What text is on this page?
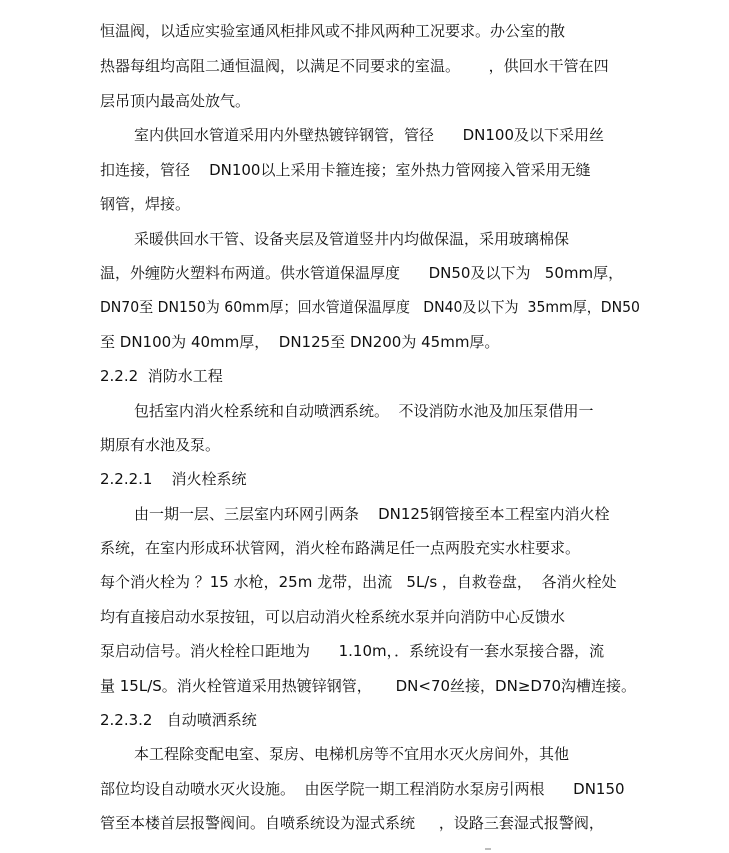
恒温阀，以适应实验室通风柜排风或不排风两种工况要求。办公室的散
热器每组均高阻二通恒温阀，以满足不同要求的室温。      ，供回水干管在四
层吊顶内最高处放气。
室内供回水管道采用内外壁热镀锌钢管，管径      DN100及以下采用丝
扣连接，管径    DN100以上采用卡箍连接；室外热力管网接入管采用无缝
钢管，焊接。
采暖供回水干管、设备夹层及管道竖井内均做保温，采用玻璃棉保
温，外缠防火塑料布两道。供水管道保温厚度      DN50及以下为   50mm厚，
DN70至 DN150为 60mm厚；回水管道保温厚度   DN40及以下为  35mm厚，DN50
至 DN100为 40mm厚，  DN125至 DN200为 45mm厚。
2.2.2  消防水工程
包括室内消火栓系统和自动喷洒系统。  不设消防水池及加压泵借用一
期原有水池及泵。
2.2.2.1    消火栓系统
由一期一层、三层室内环网引两条    DN125钢管接至本工程室内消火栓
系统，在室内形成环状管网，消火栓布路满足任一点两股充实水柱要求。
每个消火栓为 ？15 水枪，25m 龙带，出流   5L/s ，自救卷盘，  各消火栓处
均有直接启动水泵按钮，可以启动消火栓系统水泵并向消防中心反馈水
泵启动信号。消火栓栓口距地为      1.10m，．系统设有一套水泵接合器，流
量 15L/S。消火栓管道采用热镀锌钢管，     DN<70丝接，DN≥D70沟槽连接。
2.2.3.2   自动喷洒系统
本工程除变配电室、泵房、电梯机房等不宜用水灭火房间外，其他
部位均设自动喷水灭火设施。  由医学院一期工程消防水泵房引两根      DN150
管至本楼首层报警阀间。自喷系统设为湿式系统     ，设路三套湿式报警阀，
